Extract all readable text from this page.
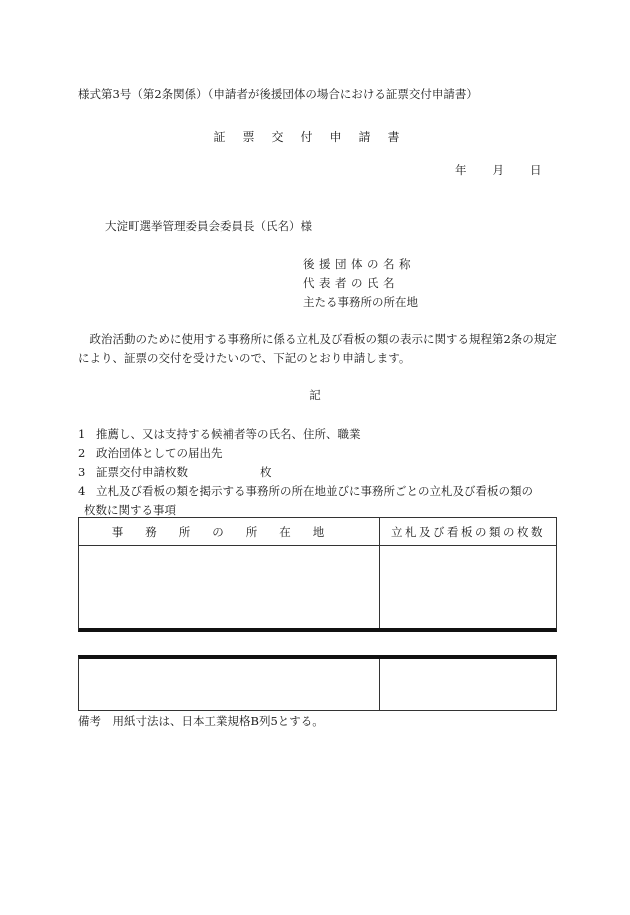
様式第3号（第2条関係）（申請者が後援団体の場合における証票交付申請書）
証票交付申請書
年 月 日
大淀町選挙管理委員会委員長（氏名）様
後援団体の名称
代表者の氏名
主たる事務所の所在地
政治活動のために使用する事務所に係る立札及び看板の類の表示に関する規程第2条の規定により、証票の交付を受けたいので、下記のとおり申請します。
記
1 推薦し、又は支持する候補者等の氏名、住所、職業
2 政治団体としての届出先
3 証票交付申請枚数	枚
4 立札及び看板の類を掲示する事務所の所在地並びに事務所ごとの立札及び看板の類の
枚数に関する事項
事務所の所在地	立札及び看板の類の枚数
備考　用紙寸法は、日本工業規格B列5とする。
